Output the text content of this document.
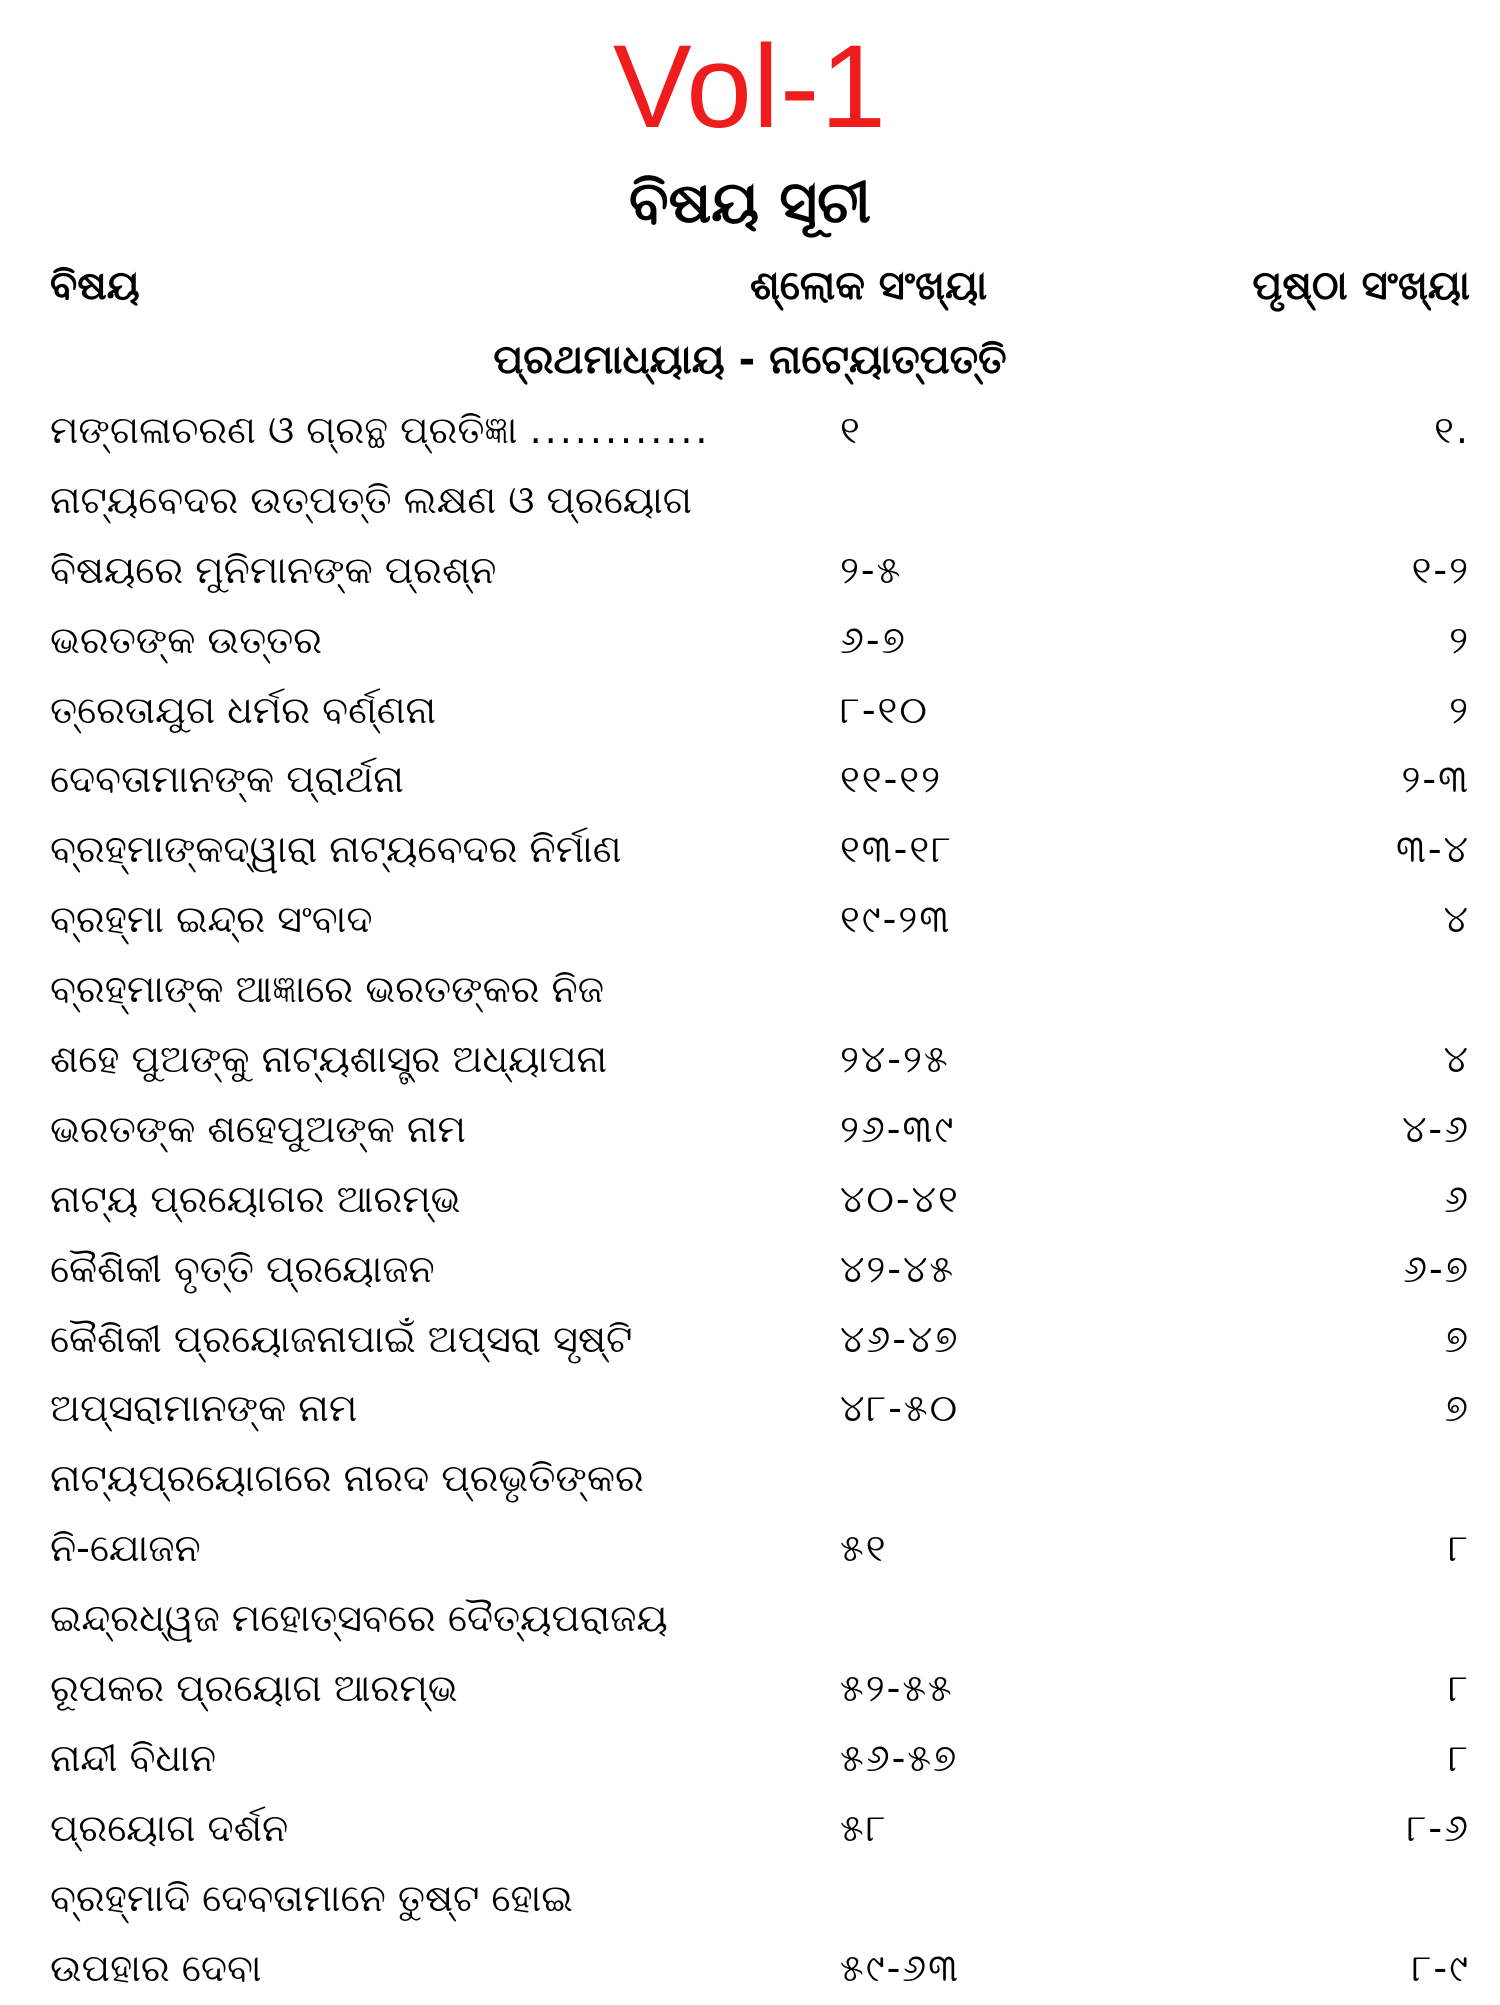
Vol-1
ବିଷୟ ସୂଚୀ
ବିଷୟ	ଶ୍ଲୋକ ସଂଖ୍ୟା	ପୃଷ୍ଠା ସଂଖ୍ୟା
ପ୍ରଥମାଧ୍ୟାୟ - ନାଟ୍ୟୋତ୍ପତ୍ତି
ମଙ୍ଗଳାଚରଣ ଓ ଗ୍ରନ୍ଥ ପ୍ରତିଜ୍ଞା ............	୧	୧.
ନାଟ୍ୟବେଦର ଉତ୍ପତ୍ତି ଲକ୍ଷଣ ଓ ପ୍ରୟୋଗ
ବିଷୟରେ ମୁନିମାନଙ୍କ ପ୍ରଶ୍ନ	୨-୫	୧-୨
ଭରତଙ୍କ ଉତ୍ତର	୬-୭	୨
ତ୍ରେତାଯୁଗ ଧର୍ମର ବର୍ଣ୍ଣନା	୮-୧୦	୨
ଦେବତାମାନଙ୍କ ପ୍ରାର୍ଥନା	୧୧-୧୨	୨-୩
ବ୍ରହ୍ମାଙ୍କଦ୍ୱାରା ନାଟ୍ୟବେଦର ନିର୍ମାଣ	୧୩-୧୮	୩-୪
ବ୍ରହ୍ମା ଇନ୍ଦ୍ର ସଂବାଦ	୧୯-୨୩	୪
ବ୍ରହ୍ମାଙ୍କ ଆଜ୍ଞାରେ ଭରତଙ୍କର ନିଜ
ଶହେ ପୁଅଙ୍କୁ ନାଟ୍ୟଶାସ୍ତ୍ର ଅଧ୍ୟାପନା	୨୪-୨୫	୪
ଭରତଙ୍କ ଶହେପୁଅଙ୍କ ନାମ	୨୬-୩୯	୪-୬
ନାଟ୍ୟ ପ୍ରୟୋଗର ଆରମ୍ଭ	୪୦-୪୧	୬
କୈଶିକୀ ବୃତ୍ତି ପ୍ରୟୋଜନ	୪୨-୪୫	୬-୭
କୈଶିକୀ ପ୍ରୟୋଜନାପାଇଁ ଅପ୍ସରା ସୃଷ୍ଟି	୪୬-୪୭	୭
ଅପ୍ସରାମାନଙ୍କ ନାମ	୪୮-୫୦	୭
ନାଟ୍ୟପ୍ରୟୋଗରେ ନାରଦ ପ୍ରଭୃତିଙ୍କର
ନି-ଯୋଜନ	୫୧	୮
ଇନ୍ଦ୍ରଧ୍ୱଜ ମହୋତ୍ସବରେ ଦୈତ୍ୟପରାଜୟ
ରୂପକର ପ୍ରୟୋଗ ଆରମ୍ଭ	୫୨-୫୫	୮
ନାନ୍ଦୀ ବିଧାନ	୫୬-୫୭	୮
ପ୍ରୟୋଗ ଦର୍ଶନ	୫୮	୮-୬
ବ୍ରହ୍ମାଦି ଦେବତାମାନେ ତୁଷ୍ଟ ହୋଇ
ଉପହାର ଦେବା	୫୯-୬୩	୮-୯
